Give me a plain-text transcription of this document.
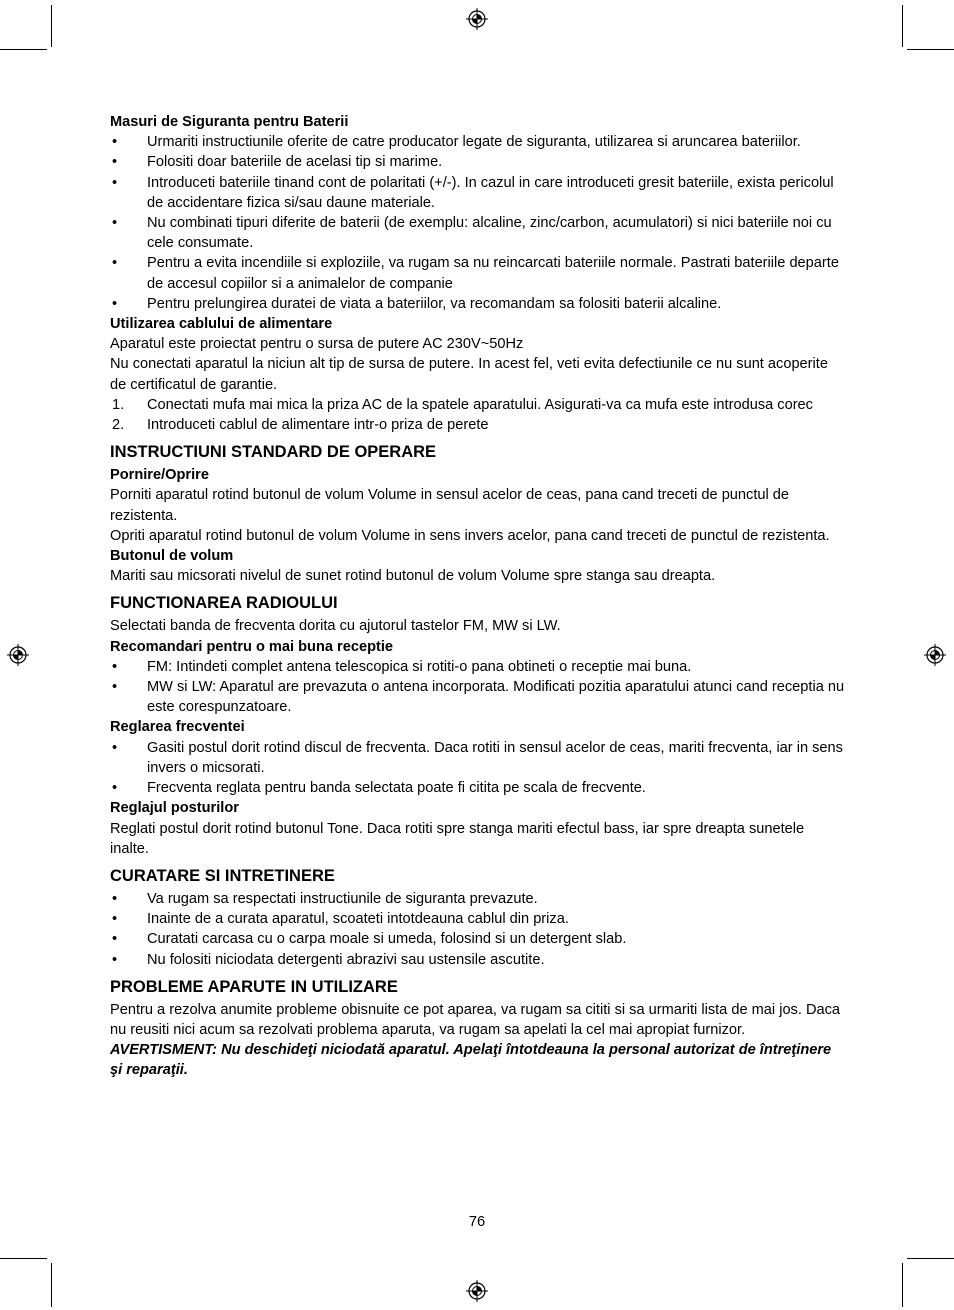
Masuri de Siguranta pentru Baterii

• Urmariti instructiunile oferite de catre producator legate de siguranta, utilizarea si aruncarea bateriilor.
• Folositi doar bateriile de acelasi tip si marime.
• Introduceti bateriile tinand cont de polaritati (+/-). In cazul in care introduceti gresit bateriile, exista pericolul de accidentare fizica si/sau daune materiale.
• Nu combinati tipuri diferite de baterii (de exemplu: alcaline, zinc/carbon, acumulatori) si nici bateriile noi cu cele consumate.
• Pentru a evita incendiile si exploziile, va rugam sa nu reincarcati bateriile normale. Pastrati bateriile departe de accesul copiilor si a animalelor de companie
• Pentru prelungirea duratei de viata a bateriilor, va recomandam sa folositi baterii alcaline.

Utilizarea cablului de alimentare

Aparatul este proiectat pentru o sursa de putere AC 230V~50Hz

Nu conectati aparatul la niciun alt tip de sursa de putere. In acest fel, veti evita defectiunile ce nu sunt acoperite de certificatul de garantie.

1. Conectati mufa mai mica la priza AC de la spatele aparatului. Asigurati-va ca mufa este introdusa corec
2. Introduceti cablul de alimentare intr-o priza de perete

INSTRUCTIUNI STANDARD DE OPERARE

Pornire/Oprire

Porniti aparatul rotind butonul de volum Volume in sensul acelor de ceas, pana cand treceti de punctul de rezistenta.

Opriti aparatul rotind butonul de volum Volume in sens invers acelor, pana cand treceti de punctul de rezistenta.

Butonul de volum

Mariti sau micsorati nivelul de sunet rotind butonul de volum Volume spre stanga sau dreapta.

FUNCTIONAREA RADIOULUI

Selectati banda de frecventa dorita cu ajutorul tastelor FM, MW si LW.

Recomandari pentru o mai buna receptie

• FM: Intindeti complet antena telescopica si rotiti-o pana obtineti o receptie mai buna.
• MW si LW: Aparatul are prevazuta o antena incorporata. Modificati pozitia aparatului atunci cand receptia nu este corespunzatoare.

Reglarea frecventei

• Gasiti postul dorit rotind discul de frecventa. Daca rotiti in sensul acelor de ceas, mariti frecventa, iar in sens invers o micsorati.
• Frecventa reglata pentru banda selectata poate fi citita pe scala de frecvente.

Reglajul posturilor

Reglati postul dorit rotind butonul Tone. Daca rotiti spre stanga mariti efectul bass, iar spre dreapta sunetele inalte.

CURATARE SI INTRETINERE

• Va rugam sa respectati instructiunile de siguranta prevazute.
• Inainte de a curata aparatul, scoateti intotdeauna cablul din priza.
• Curatati carcasa cu o carpa moale si umeda, folosind si un detergent slab.
• Nu folositi niciodata detergenti abrazivi sau ustensile ascutite.

PROBLEME APARUTE IN UTILIZARE

Pentru a rezolva anumite probleme obisnuite ce pot aparea, va rugam sa cititi si sa urmariti lista de mai jos. Daca nu reusiti nici acum sa rezolvati problema aparuta, va rugam sa apelati la cel mai apropiat furnizor.

AVERTISMENT: Nu deschideţi niciodată aparatul. Apelaţi întotdeauna la personal autorizat de întreţinere şi reparaţii.

76
